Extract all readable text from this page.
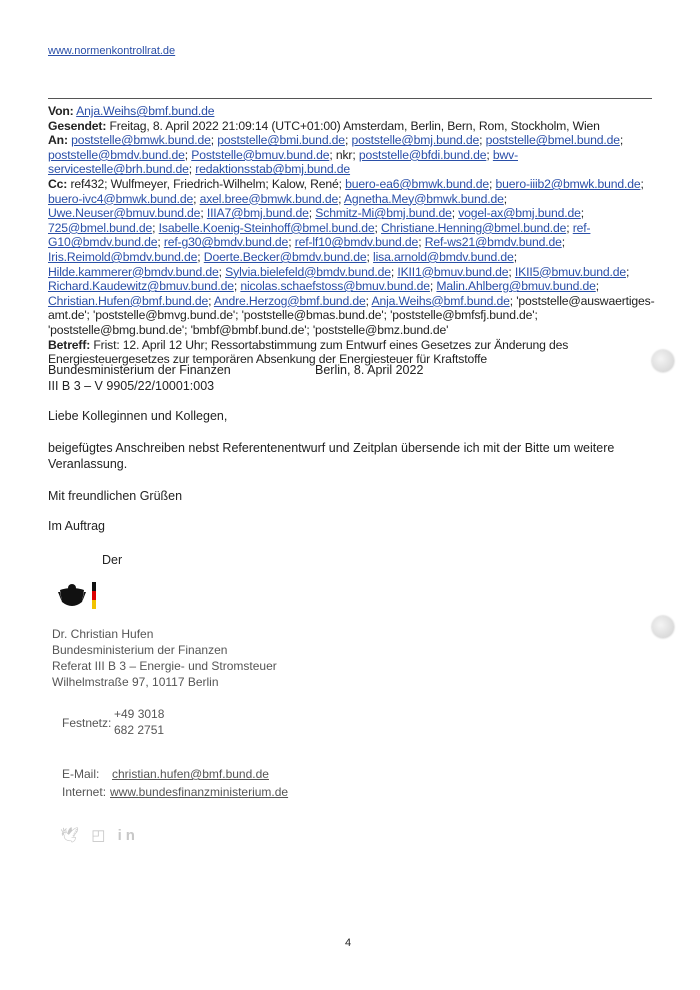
www.normenkontrollrat.de
Von: Anja.Weihs@bmf.bund.de
Gesendet: Freitag, 8. April 2022 21:09:14 (UTC+01:00) Amsterdam, Berlin, Bern, Rom, Stockholm, Wien
An: poststelle@bmwk.bund.de; poststelle@bmi.bund.de; poststelle@bmj.bund.de; poststelle@bmel.bund.de; poststelle@bmdv.bund.de; Poststelle@bmuv.bund.de; nkr; poststelle@bfdi.bund.de; bwv-servicestelle@brh.bund.de; redaktionsstab@bmj.bund.de
Cc: ref432; Wulfmeyer, Friedrich-Wilhelm; Kalow, René; buero-ea6@bmwk.bund.de; buero-iiib2@bmwk.bund.de; buero-ivc4@bmwk.bund.de; axel.bree@bmwk.bund.de; Agnetha.Mey@bmwk.bund.de; Uwe.Neuser@bmuv.bund.de; IIIA7@bmj.bund.de; Schmitz-Mi@bmj.bund.de; vogel-ax@bmj.bund.de; 725@bmel.bund.de; Isabelle.Koenig-Steinhoff@bmel.bund.de; Christiane.Henning@bmel.bund.de; ref-G10@bmdv.bund.de; ref-g30@bmdv.bund.de; ref-lf10@bmdv.bund.de; Ref-ws21@bmdv.bund.de; Iris.Reimold@bmdv.bund.de; Doerte.Becker@bmdv.bund.de; lisa.arnold@bmdv.bund.de; Hilde.kammerer@bmdv.bund.de; Sylvia.bielefeld@bmdv.bund.de; IKII1@bmuv.bund.de; IKII5@bmuv.bund.de; Richard.Kaudewitz@bmuv.bund.de; nicolas.schaefstoss@bmuv.bund.de; Malin.Ahlberg@bmuv.bund.de; Christian.Hufen@bmf.bund.de; Andre.Herzog@bmf.bund.de; Anja.Weihs@bmf.bund.de; 'poststelle@auswaertiges-amt.de'; 'poststelle@bmvg.bund.de'; 'poststelle@bmas.bund.de'; 'poststelle@bmfsfj.bund.de'; 'poststelle@bmg.bund.de'; 'bmbf@bmbf.bund.de'; 'poststelle@bmz.bund.de'
Betreff: Frist: 12. April 12 Uhr; Ressortabstimmung zum Entwurf eines Gesetzes zur Änderung des Energiesteuergesetzes zur temporären Absenkung der Energiesteuer für Kraftstoffe
Bundesministerium der Finanzen	Berlin, 8. April 2022
III B 3 – V 9905/22/10001:003
Liebe Kolleginnen und Kollegen,
beigefügtes Anschreiben nebst Referentenentwurf und Zeitplan übersende ich mit der Bitte um weitere Veranlassung.
Mit freundlichen Grüßen
Im Auftrag
Der
Dr. Christian Hufen
Bundesministerium der Finanzen
Referat III B 3 – Energie- und Stromsteuer
Wilhelmstraße 97, 10117 Berlin
Festnetz:
+49 3018
682 2751
E-Mail: christian.hufen@bmf.bund.de
Internet: www.bundesfinanzministerium.de
🕊 ◰ in
4
